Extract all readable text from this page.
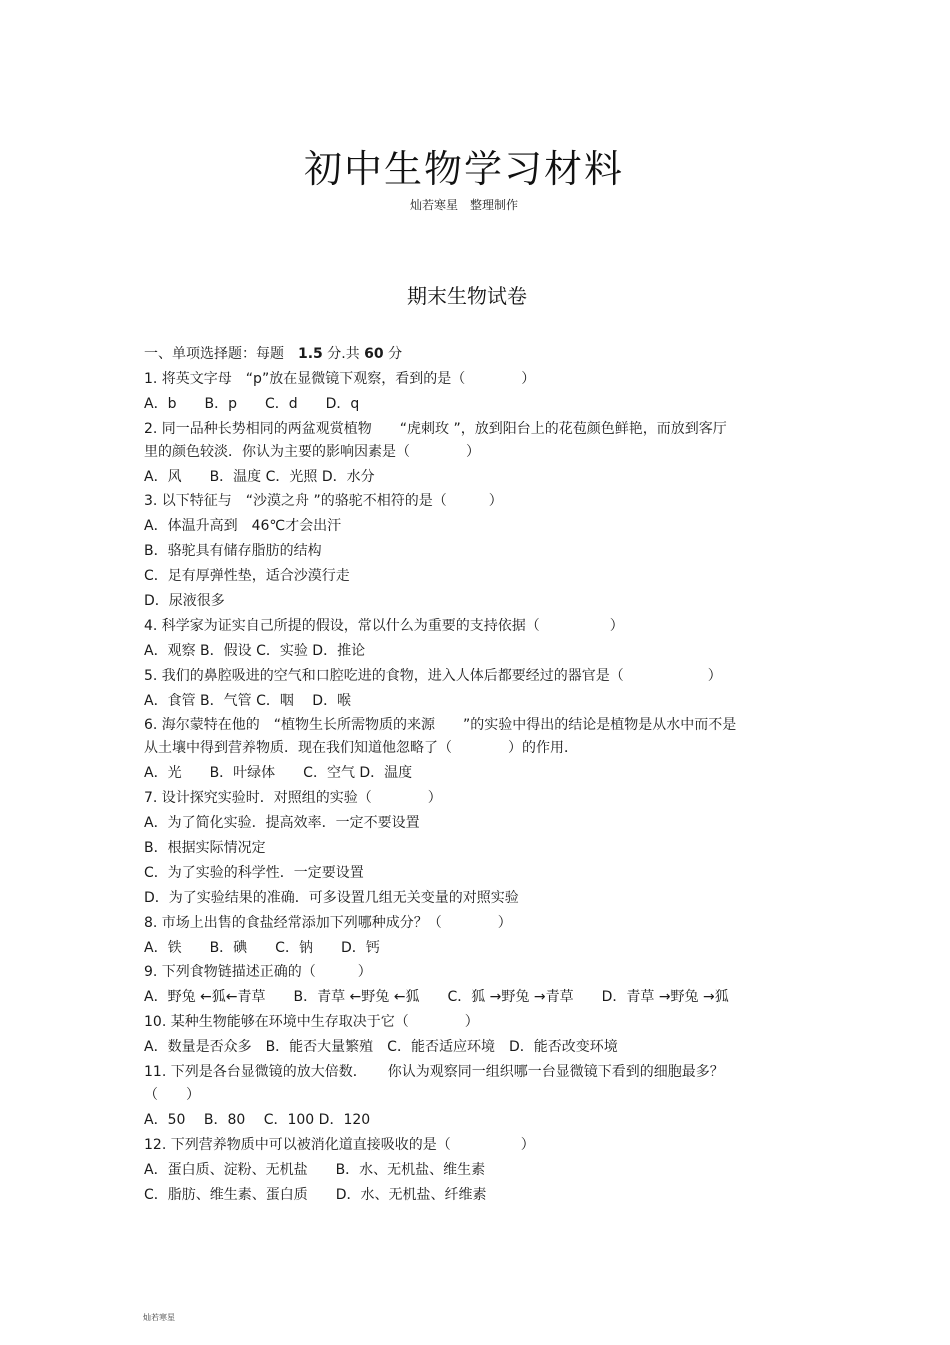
初中生物学习材料
灿若寒星　整理制作
期末生物试卷
一、单项选择题：每题　1.5 分.共 60 分
1. 将英文字母　“p”放在显微镜下观察，看到的是（　　　　）
A．b　　B．p　　C．d　　D．q
2. 同一品种长势相同的两盆观赏植物　　“虎刺玫 ”，放到阳台上的花苞颜色鲜艳，而放到客厅
里的颜色较淡．你认为主要的影响因素是（　　　　）
A．风　　B．温度 C．光照 D．水分
3. 以下特征与　“沙漠之舟 ”的骆驼不相符的是（　　　）
A．体温升高到　46℃才会出汗
B．骆驼具有储存脂肪的结构
C．足有厚弹性垫，适合沙漠行走
D．尿液很多
4. 科学家为证实自己所提的假设，常以什么为重要的支持依据（　　　　　）
A．观察 B．假设 C．实验 D．推论
5. 我们的鼻腔吸进的空气和口腔吃进的食物，进入人体后都要经过的器官是（　　　　　　）
A．食管 B．气管 C．咽　 D．喉
6. 海尔蒙特在他的　“植物生长所需物质的来源　　”的实验中得出的结论是植物是从水中而不是
从土壤中得到营养物质．现在我们知道他忽略了（　　　　）的作用．
A．光　　B．叶绿体　　C．空气 D．温度
7. 设计探究实验时．对照组的实验（　　　　）
A．为了简化实验．提高效率．一定不要设置
B．根据实际情况定
C．为了实验的科学性．一定要设置
D．为了实验结果的准确．可多设置几组无关变量的对照实验
8. 市场上出售的食盐经常添加下列哪种成分？（　　　　）
A．铁　　B．碘　　C．钠　　D．钙
9. 下列食物链描述正确的（　　　）
A．野兔 ←狐←青草　　B．青草 ←野兔 ←狐　　C．狐 →野兔 →青草　　D．青草 →野兔 →狐
10. 某种生物能够在环境中生存取决于它（　　　　）
A．数量是否众多　B．能否大量繁殖　C．能否适应环境　D．能否改变环境
11. 下列是各台显微镜的放大倍数．　　你认为观察同一组织哪一台显微镜下看到的细胞最多？
（　　）
A．50　 B．80　 C．100 D．120
12. 下列营养物质中可以被消化道直接吸收的是（　　　　　）
A．蛋白质、淀粉、无机盐　　B．水、无机盐、维生素
C．脂肪、维生素、蛋白质　　D．水、无机盐、纤维素
灿若寒星
